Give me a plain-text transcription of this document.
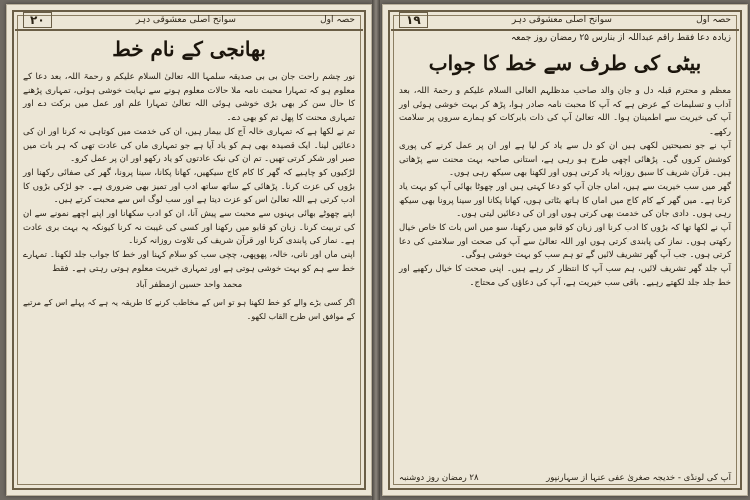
حصہ اول
سوانح اصلی معشوقی دہر
۲۰
بھانجی کے نام خط

نور چشم راحت جان بی بی صدیقہ سلمہا اللہ تعالیٰ السلام علیکم و رحمۃ اللہ، بعد دعا کے معلوم ہو کہ تمہارا محبت نامہ ملا حالات معلوم ہونے سے نہایت خوشی ہوئی، تمہاری پڑھنے کا حال سن کر بھی بڑی خوشی ہوئی اللہ تعالیٰ تمہارا علم اور عمل میں برکت دے اور تمہاری محنت کا پھل تم کو بھی دے۔

تم نے لکھا ہے کہ تمہاری خالہ آج کل بیمار ہیں، ان کی خدمت میں کوتاہی نہ کرنا اور ان کی دعائیں لینا۔ ایک قصیدہ بھی ہم کو یاد آیا ہے جو تمہاری ماں کی عادت تھی کہ ہر بات میں صبر اور شکر کرتی تھیں۔ تم ان کی نیک عادتوں کو یاد رکھو اور ان پر عمل کرو۔

لڑکیوں کو چاہیے کہ گھر کا کام کاج سیکھیں، کھانا پکانا، سینا پرونا، گھر کی صفائی رکھنا اور بڑوں کی عزت کرنا۔ پڑھائی کے ساتھ ساتھ ادب اور تمیز بھی ضروری ہے۔ جو لڑکی بڑوں کا ادب کرتی ہے اللہ تعالیٰ اس کو عزت دیتا ہے اور سب لوگ اس سے محبت کرتے ہیں۔

اپنے چھوٹے بھائی بہنوں سے محبت سے پیش آنا، ان کو ادب سکھانا اور اپنے اچھے نمونے سے ان کی تربیت کرنا۔ زبان کو قابو میں رکھنا اور کسی کی غیبت نہ کرنا کیونکہ یہ بہت بری عادت ہے۔ نماز کی پابندی کرنا اور قرآن شریف کی تلاوت روزانہ کرنا۔

اپنی ماں اور نانی، خالہ، پھوپھی، چچی سب کو سلام کہنا اور خط کا جواب جلد لکھنا۔ تمہارے خط سے ہم کو بہت خوشی ہوتی ہے اور تمہاری خیریت معلوم ہوتی رہتی ہے۔ فقط

محمد واحد حسین ازمظفر آباد

اگر کسی بڑے والے کو خط لکھنا ہو تو اس کے مخاطب کرنے کا طریقہ یہ ہے کہ پہلے اس کے مرتبے کے موافق اس طرح القاب لکھو۔

حصہ اول
سوانح اصلی معشوقی دہر
۱۹
زیادہ دعا فقط راقم عبداللہ از بنارس ۲۵ رمضان روز جمعہ
بیٹی کی طرف سے خط کا جواب

معظم و محترم قبلہ دل و جان والد صاحب مدظلہم العالی السلام علیکم و رحمۃ اللہ، بعد آداب و تسلیمات کے عرض ہے کہ آپ کا محبت نامہ صادر ہوا، پڑھ کر بہت خوشی ہوئی اور آپ کی خیریت سے اطمینان ہوا۔ اللہ تعالیٰ آپ کی ذات بابرکات کو ہمارے سروں پر سلامت رکھے۔

آپ نے جو نصیحتیں لکھی ہیں ان کو دل سے یاد کر لیا ہے اور ان پر عمل کرنے کی پوری کوشش کروں گی۔ پڑھائی اچھی طرح ہو رہی ہے، استانی صاحبہ بہت محنت سے پڑھاتی ہیں۔ قرآن شریف کا سبق روزانہ یاد کرتی ہوں اور لکھنا بھی سیکھ رہی ہوں۔

گھر میں سب خیریت سے ہیں، اماں جان آپ کو دعا کہتی ہیں اور چھوٹا بھائی آپ کو بہت یاد کرتا ہے۔ میں گھر کے کام کاج میں اماں کا ہاتھ بٹاتی ہوں، کھانا پکانا اور سینا پرونا بھی سیکھ رہی ہوں۔ دادی جان کی خدمت بھی کرتی ہوں اور ان کی دعائیں لیتی ہوں۔

آپ نے لکھا تھا کہ بڑوں کا ادب کرنا اور زبان کو قابو میں رکھنا، سو میں اس بات کا خاص خیال رکھتی ہوں۔ نماز کی پابندی کرتی ہوں اور اللہ تعالیٰ سے آپ کی صحت اور سلامتی کی دعا کرتی ہوں۔ جب آپ گھر تشریف لائیں گے تو ہم سب کو بہت خوشی ہوگی۔

آپ جلد گھر تشریف لائیں، ہم سب آپ کا انتظار کر رہے ہیں۔ اپنی صحت کا خیال رکھیے اور خط جلد جلد لکھتے رہیے۔ باقی سب خیریت ہے، آپ کی دعاؤں کی محتاج۔

آپ کی لونڈی - خدیجہ صغریٰ عفی عنہا از سہارنپور
۲۸ رمضان روز دوشنبہ
